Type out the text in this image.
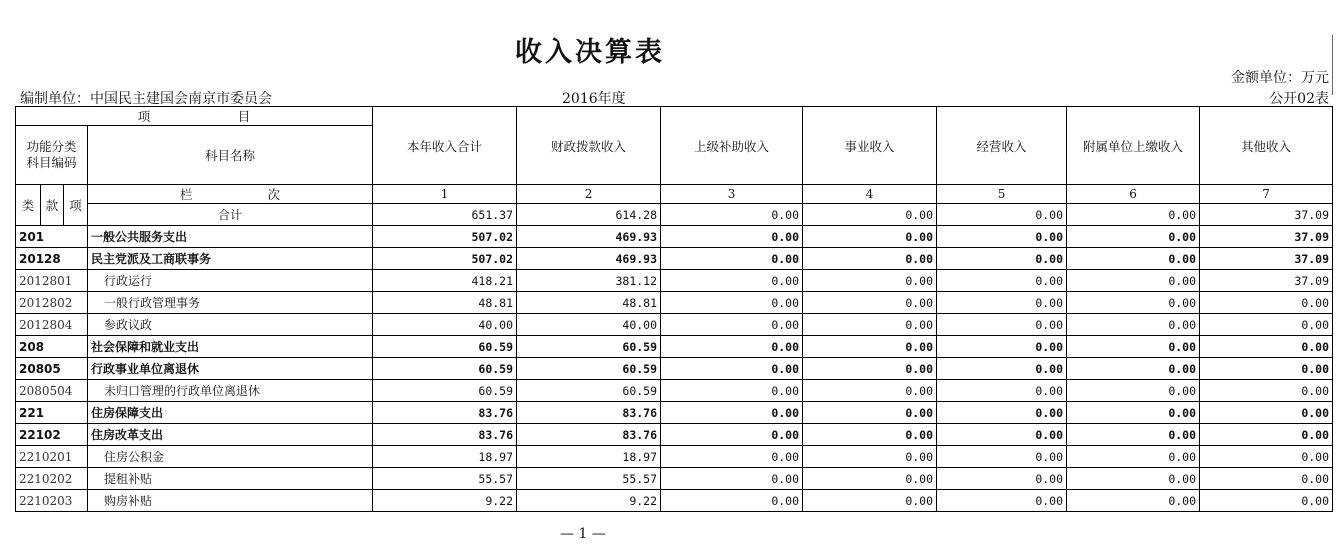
收入决算表
金额单位：万元
编制单位：中国民主建国会南京市委员会	2016年度	公开02表
项　　　　　　　目				本年收入合计	财政拨款收入	上级补助收入	事业收入	经营收入	附属单位上缴收入	其他收入
功能分类科目编码			科目名称							
类	款	项	栏　　　　　　次	1	2	3	4	5	6	7
			合计	651.37	614.28	0.00	0.00	0.00	0.00	37.09
201			一般公共服务支出	507.02	469.93	0.00	0.00	0.00	0.00	37.09
20128			民主党派及工商联事务	507.02	469.93	0.00	0.00	0.00	0.00	37.09
2012801			行政运行	418.21	381.12	0.00	0.00	0.00	0.00	37.09
2012802			一般行政管理事务	48.81	48.81	0.00	0.00	0.00	0.00	0.00
2012804			参政议政	40.00	40.00	0.00	0.00	0.00	0.00	0.00
208			社会保障和就业支出	60.59	60.59	0.00	0.00	0.00	0.00	0.00
20805			行政事业单位离退休	60.59	60.59	0.00	0.00	0.00	0.00	0.00
2080504			未归口管理的行政单位离退休	60.59	60.59	0.00	0.00	0.00	0.00	0.00
221			住房保障支出	83.76	83.76	0.00	0.00	0.00	0.00	0.00
22102			住房改革支出	83.76	83.76	0.00	0.00	0.00	0.00	0.00
2210201			住房公积金	18.97	18.97	0.00	0.00	0.00	0.00	0.00
2210202			提租补贴	55.57	55.57	0.00	0.00	0.00	0.00	0.00
2210203			购房补贴	9.22	9.22	0.00	0.00	0.00	0.00	0.00
— 1 —
